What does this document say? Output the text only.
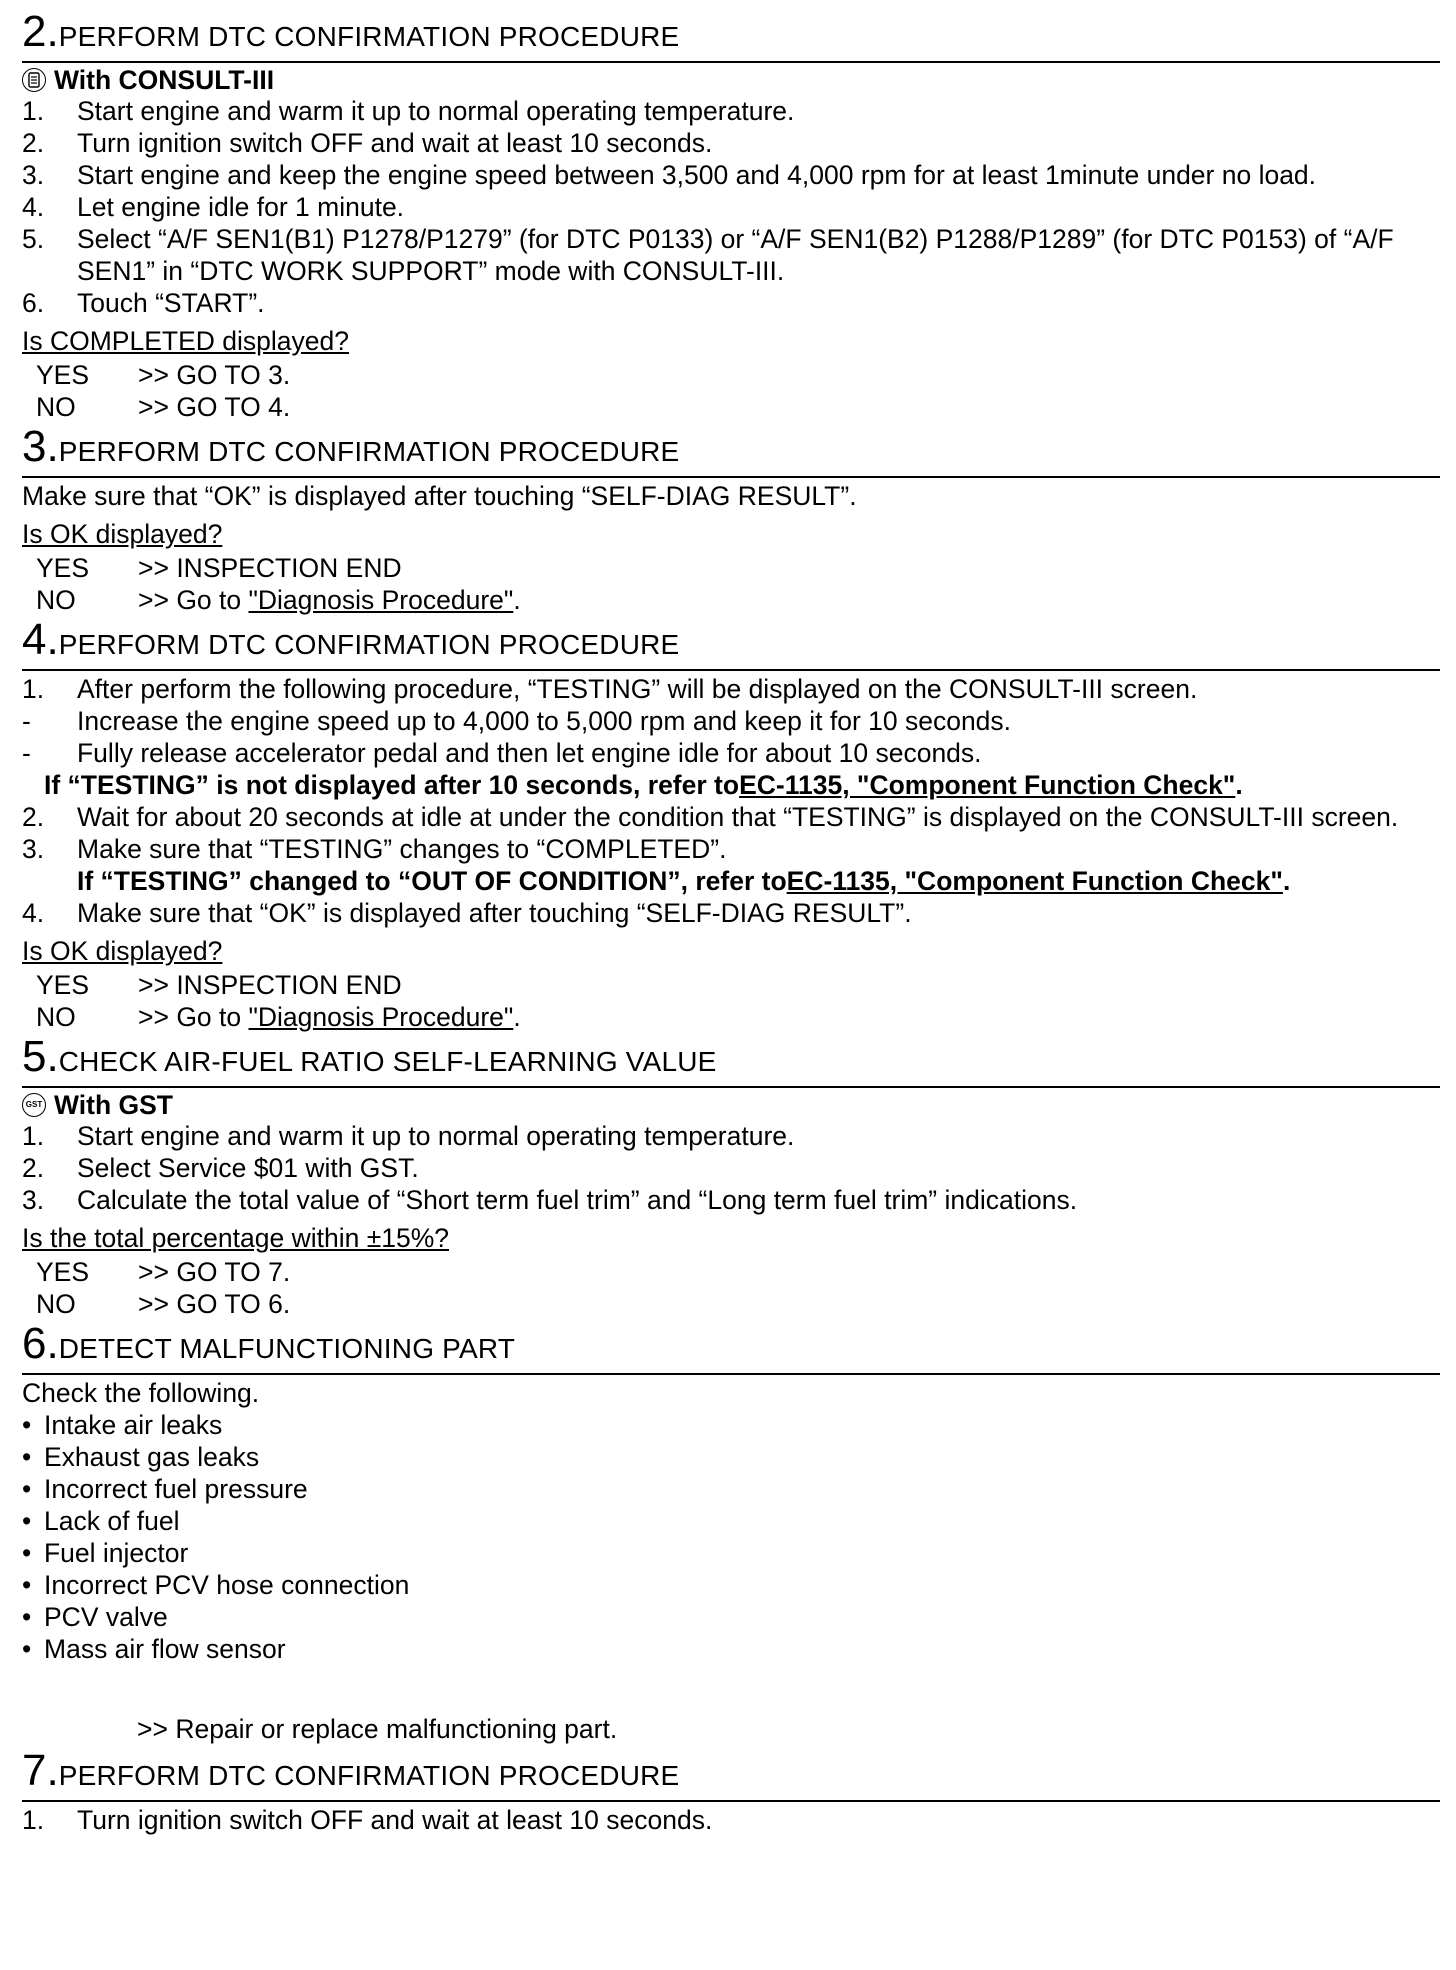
2. PERFORM DTC CONFIRMATION PROCEDURE
With CONSULT-III
1.	Start engine and warm it up to normal operating temperature.
2.	Turn ignition switch OFF and wait at least 10 seconds.
3.	Start engine and keep the engine speed between 3,500 and 4,000 rpm for at least 1minute under no load.
4.	Let engine idle for 1 minute.
5.	Select “A/F SEN1(B1) P1278/P1279” (for DTC P0133) or “A/F SEN1(B2) P1288/P1289” (for DTC P0153) of “A/F SEN1” in “DTC WORK SUPPORT” mode with CONSULT-III.
6.	Touch “START”.
Is COMPLETED displayed?
YES	>> GO TO 3.
NO	>> GO TO 4.
3. PERFORM DTC CONFIRMATION PROCEDURE
Make sure that “OK” is displayed after touching “SELF-DIAG RESULT”.
Is OK displayed?
YES	>> INSPECTION END
NO	>> Go to "Diagnosis Procedure".
4. PERFORM DTC CONFIRMATION PROCEDURE
1.	After perform the following procedure, “TESTING” will be displayed on the CONSULT-III screen.
-	Increase the engine speed up to 4,000 to 5,000 rpm and keep it for 10 seconds.
-	Fully release accelerator pedal and then let engine idle for about 10 seconds.
If “TESTING” is not displayed after 10 seconds, refer to EC-1135, "Component Function Check" .
2.	Wait for about 20 seconds at idle at under the condition that “TESTING” is displayed on the CONSULT-III screen.
3.	Make sure that “TESTING” changes to “COMPLETED”.
If “TESTING” changed to “OUT OF CONDITION”, refer to EC-1135, "Component Function Check" .
4.	Make sure that “OK” is displayed after touching “SELF-DIAG RESULT”.
Is OK displayed?
YES	>> INSPECTION END
NO	>> Go to "Diagnosis Procedure".
5. CHECK AIR-FUEL RATIO SELF-LEARNING VALUE
GST With GST
1.	Start engine and warm it up to normal operating temperature.
2.	Select Service $01 with GST.
3.	Calculate the total value of “Short term fuel trim” and “Long term fuel trim” indications.
Is the total percentage within ±15%?
YES	>> GO TO 7.
NO	>> GO TO 6.
6. DETECT MALFUNCTIONING PART
Check the following.
• Intake air leaks
• Exhaust gas leaks
• Incorrect fuel pressure
• Lack of fuel
• Fuel injector
• Incorrect PCV hose connection
• PCV valve
• Mass air flow sensor
>> Repair or replace malfunctioning part.
7. PERFORM DTC CONFIRMATION PROCEDURE
1.	Turn ignition switch OFF and wait at least 10 seconds.
